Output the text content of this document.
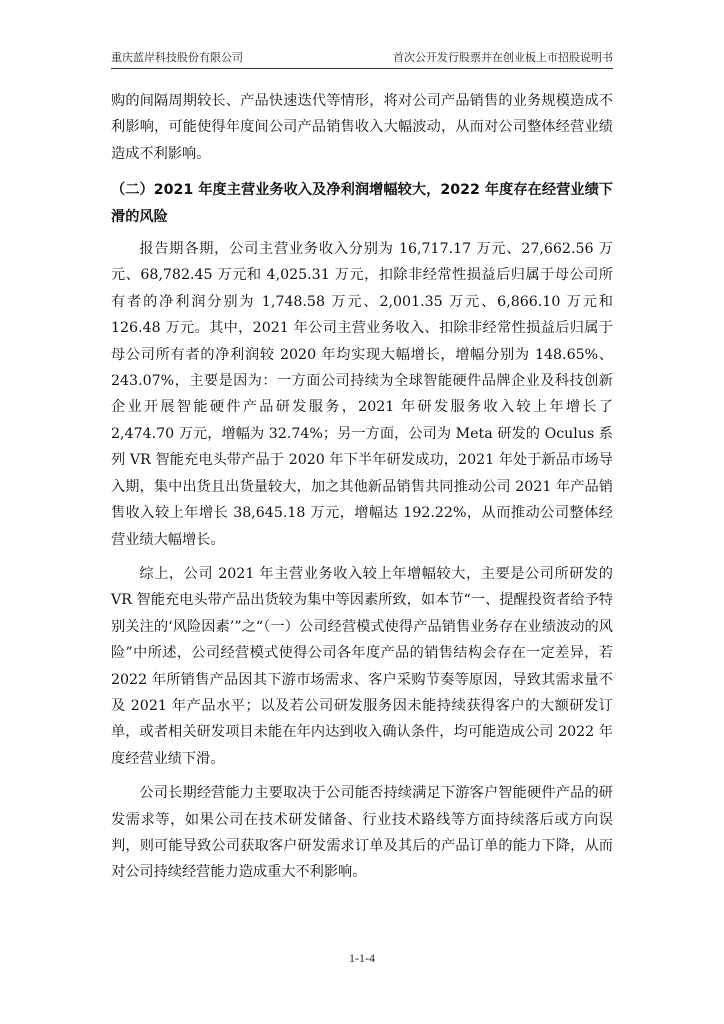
重庆蓝岸科技股份有限公司	首次公开发行股票并在创业板上市招股说明书

购的间隔周期较长、产品快速迭代等情形，将对公司产品销售的业务规模造成不利影响，可能使得年度间公司产品销售收入大幅波动，从而对公司整体经营业绩造成不利影响。

（二）2021 年度主营业务收入及净利润增幅较大，2022 年度存在经营业绩下滑的风险

报告期各期，公司主营业务收入分别为 16,717.17 万元、27,662.56 万元、68,782.45 万元和 4,025.31 万元，扣除非经常性损益后归属于母公司所有者的净利润分别为 1,748.58 万元、2,001.35 万元、6,866.10 万元和 126.48 万元。其中，2021 年公司主营业务收入、扣除非经常性损益后归属于母公司所有者的净利润较 2020 年均实现大幅增长，增幅分别为 148.65%、243.07%，主要是因为：一方面公司持续为全球智能硬件品牌企业及科技创新企业开展智能硬件产品研发服务，2021 年研发服务收入较上年增长了 2,474.70 万元，增幅为 32.74%；另一方面，公司为 Meta 研发的 Oculus 系列 VR 智能充电头带产品于 2020 年下半年研发成功，2021 年处于新品市场导入期，集中出货且出货量较大，加之其他新品销售共同推动公司 2021 年产品销售收入较上年增长 38,645.18 万元，增幅达 192.22%，从而推动公司整体经营业绩大幅增长。

综上，公司 2021 年主营业务收入较上年增幅较大，主要是公司所研发的 VR 智能充电头带产品出货较为集中等因素所致，如本节“一、提醒投资者给予特别关注的‘风险因素’”之“（一）公司经营模式使得产品销售业务存在业绩波动的风险”中所述，公司经营模式使得公司各年度产品的销售结构会存在一定差异，若 2022 年所销售产品因其下游市场需求、客户采购节奏等原因，导致其需求量不及 2021 年产品水平；以及若公司研发服务因未能持续获得客户的大额研发订单，或者相关研发项目未能在年内达到收入确认条件，均可能造成公司 2022 年度经营业绩下滑。

公司长期经营能力主要取决于公司能否持续满足下游客户智能硬件产品的研发需求等，如果公司在技术研发储备、行业技术路线等方面持续落后或方向误判，则可能导致公司获取客户研发需求订单及其后的产品订单的能力下降，从而对公司持续经营能力造成重大不利影响。

1-1-4
